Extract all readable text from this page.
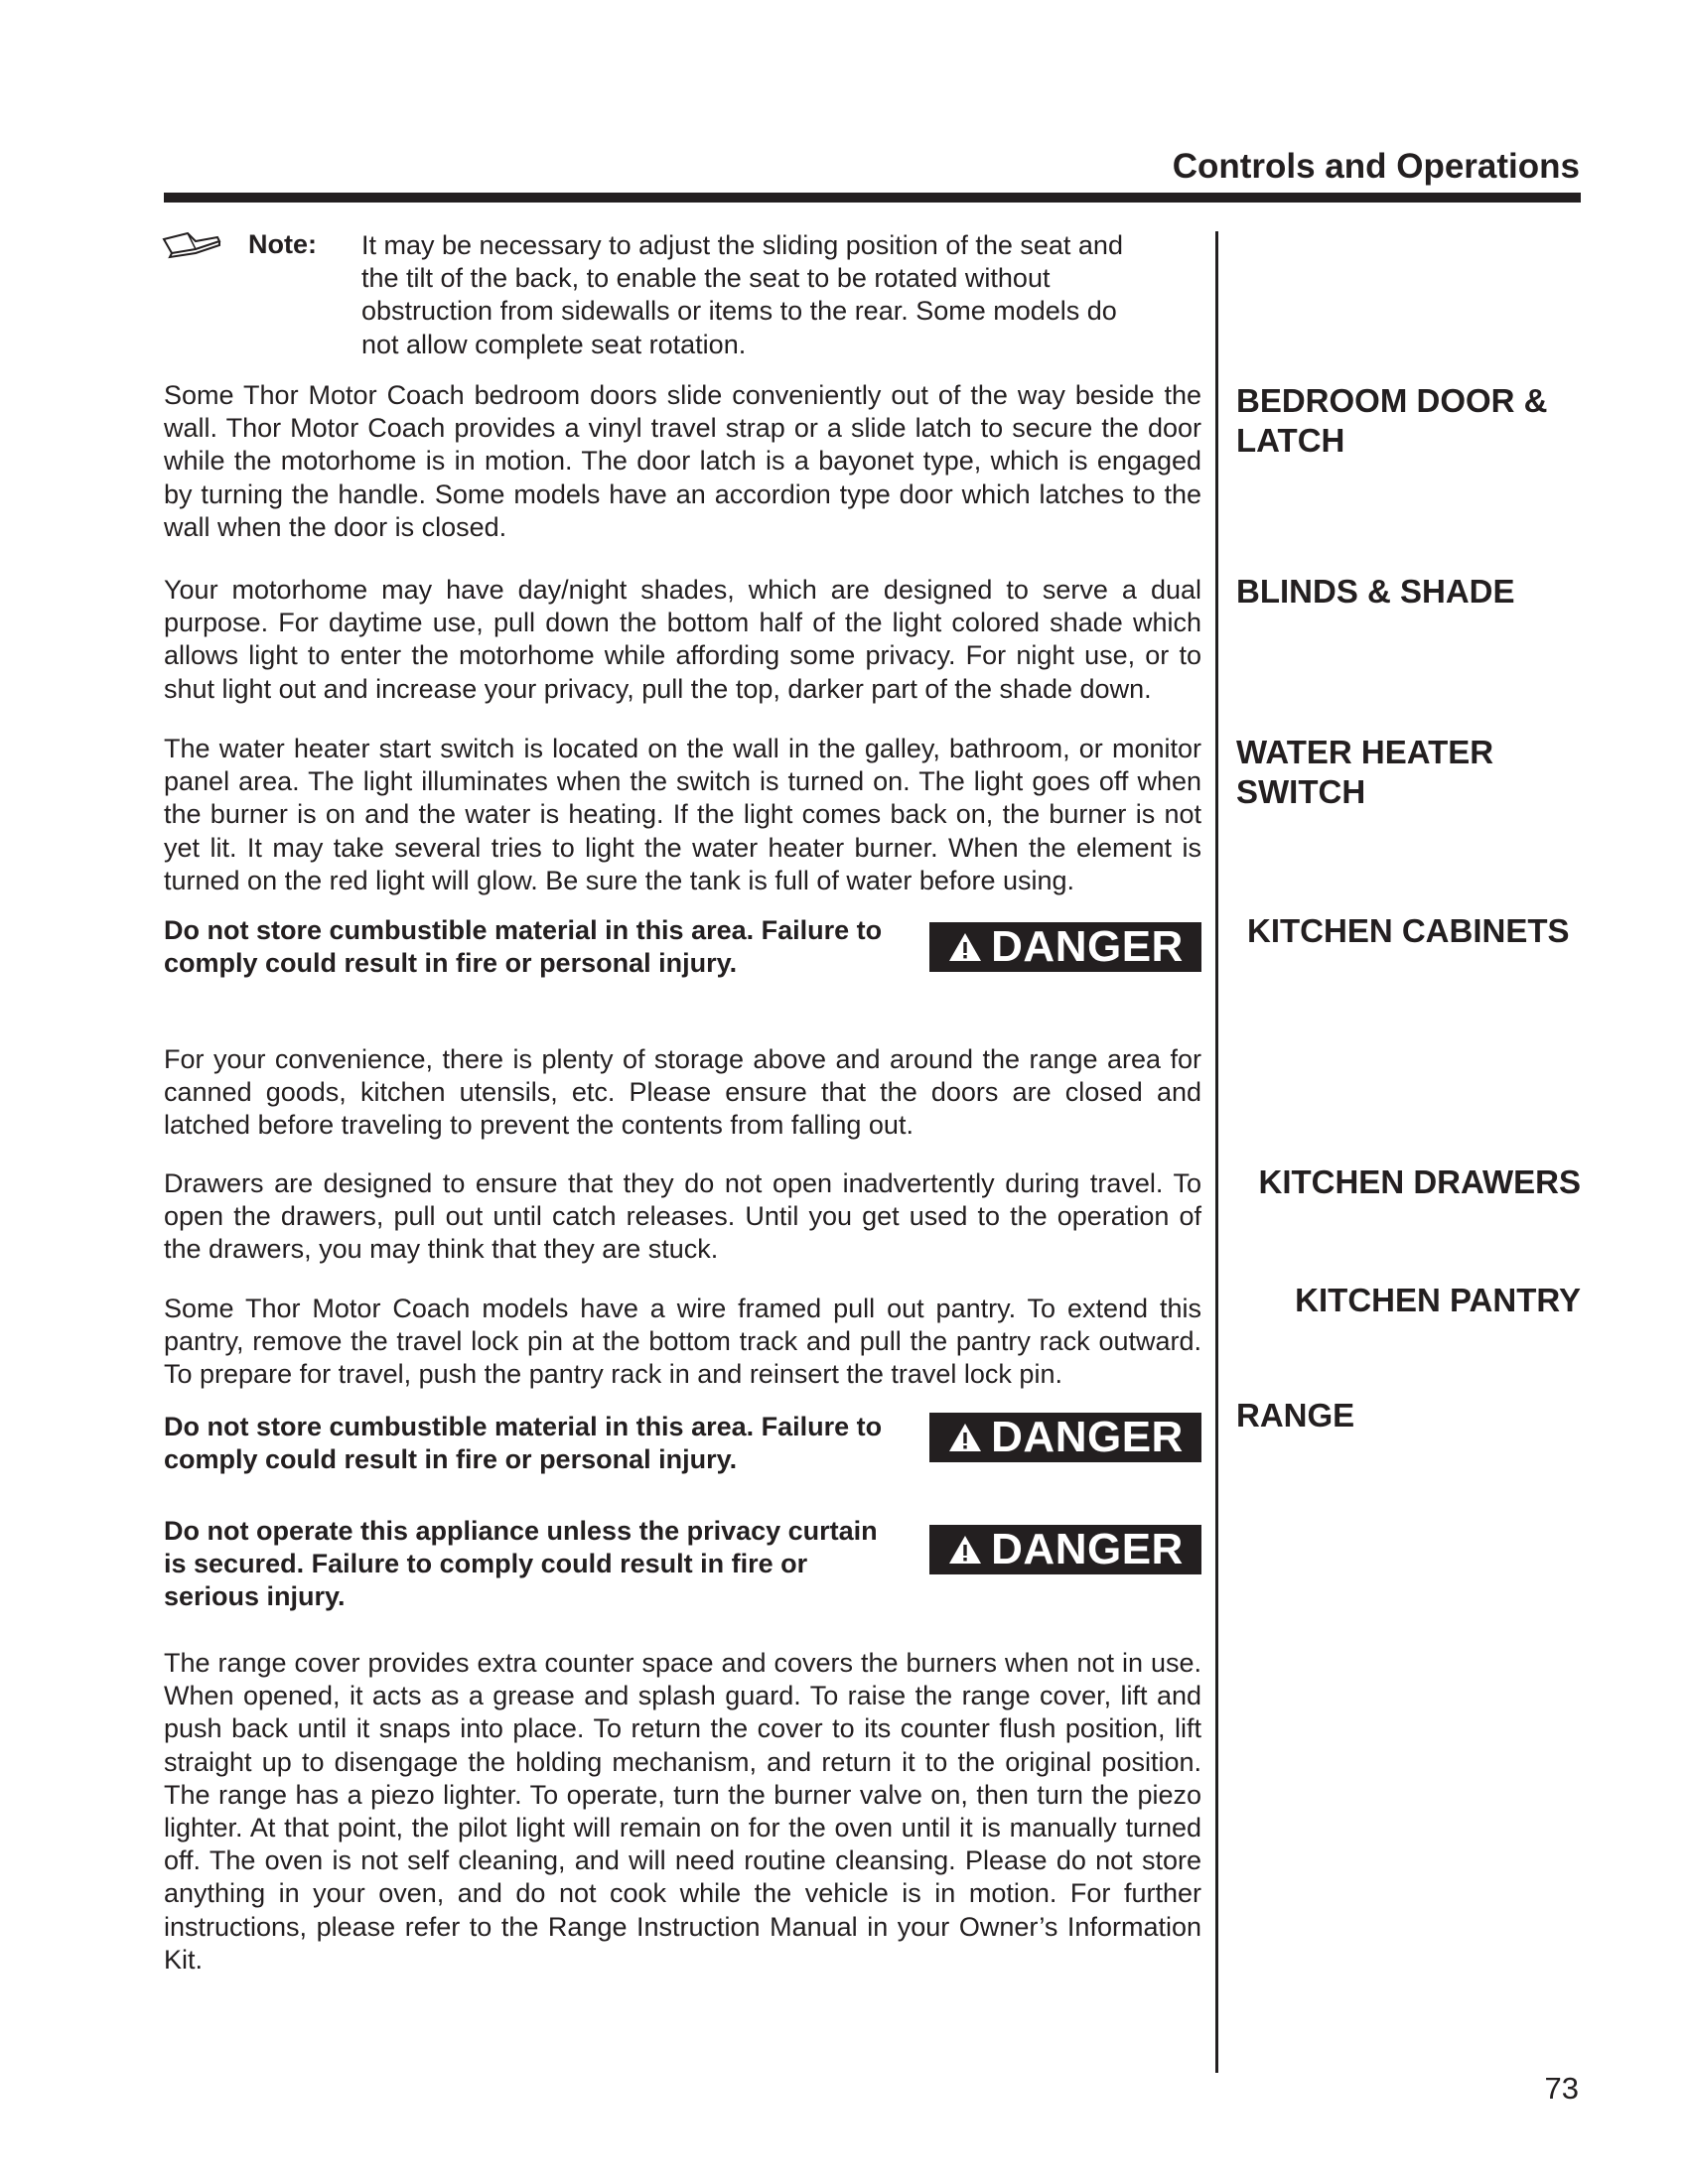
Controls and Operations
Note: It may be necessary to adjust the sliding position of the seat and the tilt of the back, to enable the seat to be rotated without obstruction from sidewalls or items to the rear. Some models do not allow complete seat rotation.

Some Thor Motor Coach bedroom doors slide conveniently out of the way beside the wall. Thor Motor Coach provides a vinyl travel strap or a slide latch to secure the door while the motorhome is in motion. The door latch is a bayonet type, which is engaged by turning the handle. Some models have an accordion type door which latches to the wall when the door is closed.

BEDROOM DOOR & LATCH

Your motorhome may have day/night shades, which are designed to serve a dual purpose. For daytime use, pull down the bottom half of the light colored shade which allows light to enter the motorhome while affording some privacy. For night use, or to shut light out and increase your privacy, pull the top, darker part of the shade down.

BLINDS & SHADE

The water heater start switch is located on the wall in the galley, bathroom, or monitor panel area. The light illuminates when the switch is turned on. The light goes off when the burner is on and the water is heating. If the light comes back on, the burner is not yet lit. It may take several tries to light the water heater burner. When the element is turned on the red light will glow. Be sure the tank is full of water before using.

WATER HEATER SWITCH

Do not store cumbustible material in this area. Failure to comply could result in fire or personal injury.	DANGER KITCHEN CABINETS

For your convenience, there is plenty of storage above and around the range area for canned goods, kitchen utensils, etc. Please ensure that the doors are closed and latched before traveling to prevent the contents from falling out.

Drawers are designed to ensure that they do not open inadvertently during travel. To open the drawers, pull out until catch releases. Until you get used to the operation of the drawers, you may think that they are stuck.

KITCHEN DRAWERS

Some Thor Motor Coach models have a wire framed pull out pantry. To extend this pantry, remove the travel lock pin at the bottom track and pull the pantry rack outward. To prepare for travel, push the pantry rack in and reinsert the travel lock pin.

KITCHEN PANTRY

Do not store cumbustible material in this area. Failure to comply could result in fire or personal injury.	DANGER RANGE

Do not operate this appliance unless the privacy curtain is secured. Failure to comply could result in fire or serious injury.

DANGER

The range cover provides extra counter space and covers the burners when not in use. When opened, it acts as a grease and splash guard. To raise the range cover, lift and push back until it snaps into place. To return the cover to its counter flush position, lift straight up to disengage the holding mechanism, and return it to the original position. The range has a piezo lighter. To operate, turn the burner valve on, then turn the piezo lighter. At that point, the pilot light will remain on for the oven until it is manually turned off. The oven is not self cleaning, and will need routine cleansing. Please do not store anything in your oven, and do not cook while the vehicle is in motion. For further instructions, please refer to the Range Instruction Manual in your Owner’s Information Kit.

73
